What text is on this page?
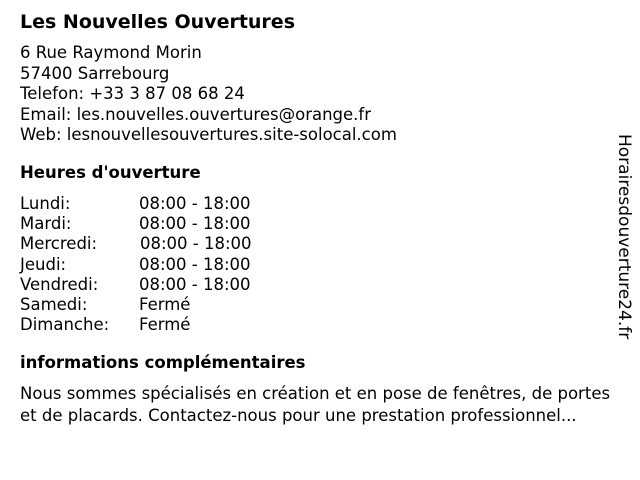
Les Nouvelles Ouvertures
6 Rue Raymond Morin
57400 Sarrebourg
Telefon: +33 3 87 08 68 24
Email: les.nouvelles.ouvertures@orange.fr
Web: lesnouvellesouvertures.site-solocal.com
Heures d'ouverture
Lundi:	08:00 - 18:00
Mardi:	08:00 - 18:00
Mercredi:	08:00 - 18:00
Jeudi:	08:00 - 18:00
Vendredi: 08:00 - 18:00
Samedi:	Fermé
Dimanche: Fermé
informations complémentaires
Nous sommes spécialisés en création et en pose de fenêtres, de portes et de placards. Contactez-nous pour une prestation professionnel...
Horairesdouverture24.fr
